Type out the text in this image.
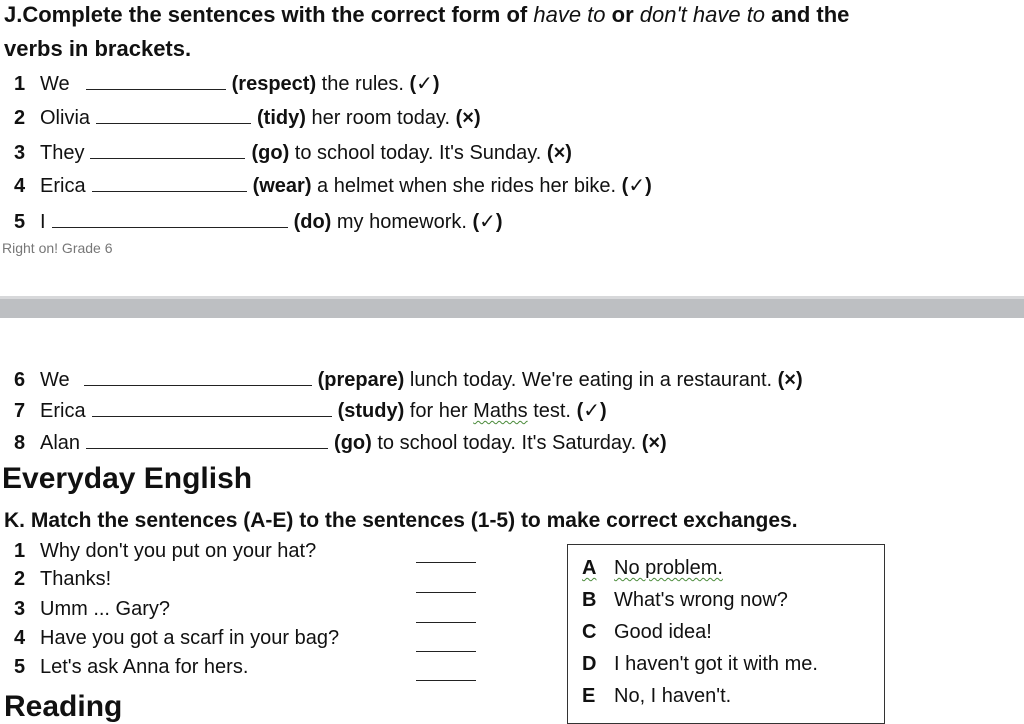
J.Complete the sentences with the correct form of have to or don't have to and the
verbs in brackets.
1 We	(respect) the rules. (✓)
2 Olivia	(tidy) her room today. (×)
3 They	(go) to school today. It's Sunday. (×)
4 Erica	(wear) a helmet when she rides her bike. (✓)
5 I	(do) my homework. (✓)
Right on! Grade 6
6 We	(prepare) lunch today. We're eating in a restaurant. (×)
7 Erica	(study) for her Maths test. (✓)
8 Alan	(go) to school today. It's Saturday. (×)
Everyday English
K. Match the sentences (A-E) to the sentences (1-5) to make correct exchanges.
1 Why don't you put on your hat?
2 Thanks!
3 Umm ... Gary?
4 Have you got a scarf in your bag?
5 Let's ask Anna for hers.
A No problem.
B What's wrong now?
C Good idea!
D I haven't got it with me.
E No, I haven't.
Reading
